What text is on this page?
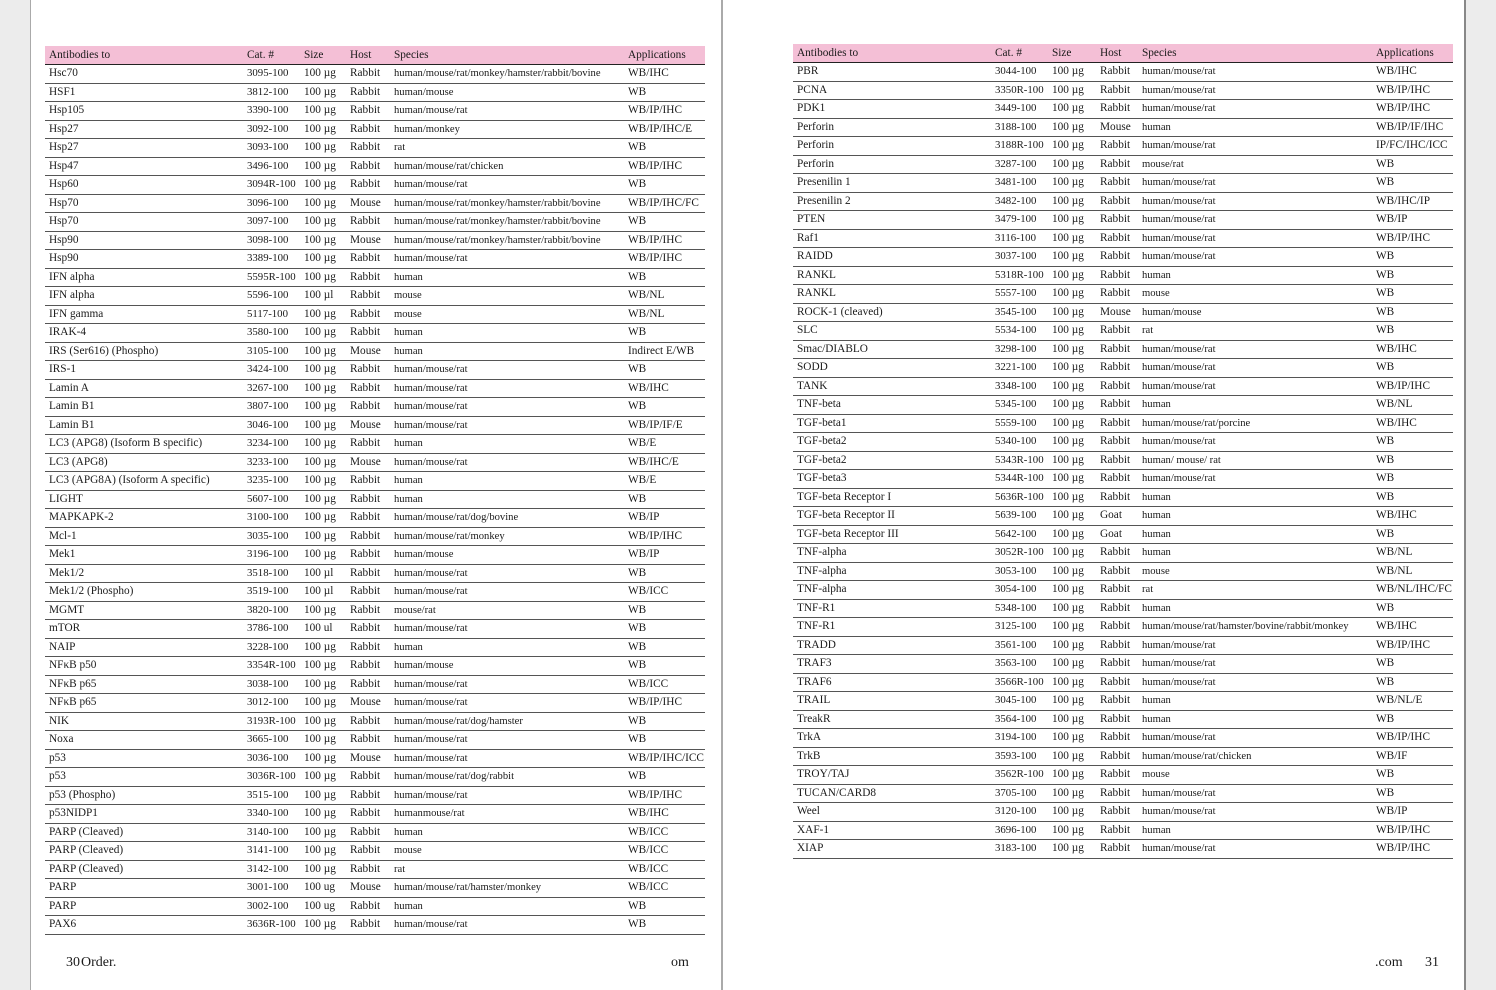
Antibodies to	Cat. #	Size	Host	Species	Applications
Hsc70	3095-100	100 µg	Rabbit	human/mouse/rat/monkey/hamster/rabbit/bovine	WB/IHC
HSF1	3812-100	100 µg	Rabbit	human/mouse	WB
Hsp105	3390-100	100 µg	Rabbit	human/mouse/rat	WB/IP/IHC
Hsp27	3092-100	100 µg	Rabbit	human/monkey	WB/IP/IHC/E
Hsp27	3093-100	100 µg	Rabbit	rat	WB
Hsp47	3496-100	100 µg	Rabbit	human/mouse/rat/chicken	WB/IP/IHC
Hsp60	3094R-100	100 µg	Rabbit	human/mouse/rat	WB
Hsp70	3096-100	100 µg	Mouse	human/mouse/rat/monkey/hamster/rabbit/bovine	WB/IP/IHC/FC
Hsp70	3097-100	100 µg	Rabbit	human/mouse/rat/monkey/hamster/rabbit/bovine	WB
Hsp90	3098-100	100 µg	Mouse	human/mouse/rat/monkey/hamster/rabbit/bovine	WB/IP/IHC
Hsp90	3389-100	100 µg	Rabbit	human/mouse/rat	WB/IP/IHC
IFN alpha	5595R-100	100 µg	Rabbit	human	WB
IFN alpha	5596-100	100 µl	Rabbit	mouse	WB/NL
IFN gamma	5117-100	100 µg	Rabbit	mouse	WB/NL
IRAK-4	3580-100	100 µg	Rabbit	human	WB
IRS (Ser616) (Phospho)	3105-100	100 µg	Mouse	human	Indirect E/WB
IRS-1	3424-100	100 µg	Rabbit	human/mouse/rat	WB
Lamin A	3267-100	100 µg	Rabbit	human/mouse/rat	WB/IHC
Lamin B1	3807-100	100 µg	Rabbit	human/mouse/rat	WB
Lamin B1	3046-100	100 µg	Mouse	human/mouse/rat	WB/IP/IF/E
LC3 (APG8) (Isoform B specific)	3234-100	100 µg	Rabbit	human	WB/E
LC3 (APG8)	3233-100	100 µg	Mouse	human/mouse/rat	WB/IHC/E
LC3 (APG8A) (Isoform A specific)	3235-100	100 µg	Rabbit	human	WB/E
LIGHT	5607-100	100 µg	Rabbit	human	WB
MAPKAPK-2	3100-100	100 µg	Rabbit	human/mouse/rat/dog/bovine	WB/IP
Mcl-1	3035-100	100 µg	Rabbit	human/mouse/rat/monkey	WB/IP/IHC
Mek1	3196-100	100 µg	Rabbit	human/mouse	WB/IP
Mek1/2	3518-100	100 µl	Rabbit	human/mouse/rat	WB
Mek1/2 (Phospho)	3519-100	100 µl	Rabbit	human/mouse/rat	WB/ICC
MGMT	3820-100	100 µg	Rabbit	mouse/rat	WB
mTOR	3786-100	100 ul	Rabbit	human/mouse/rat	WB
NAIP	3228-100	100 µg	Rabbit	human	WB
NFκB p50	3354R-100	100 µg	Rabbit	human/mouse	WB
NFκB p65	3038-100	100 µg	Rabbit	human/mouse/rat	WB/ICC
NFκB p65	3012-100	100 µg	Mouse	human/mouse/rat	WB/IP/IHC
NIK	3193R-100	100 µg	Rabbit	human/mouse/rat/dog/hamster	WB
Noxa	3665-100	100 µg	Rabbit	human/mouse/rat	WB
p53	3036-100	100 µg	Mouse	human/mouse/rat	WB/IP/IHC/ICC
p53	3036R-100	100 µg	Rabbit	human/mouse/rat/dog/rabbit	WB
p53 (Phospho)	3515-100	100 µg	Rabbit	human/mouse/rat	WB/IP/IHC
p53NIDP1	3340-100	100 µg	Rabbit	humanmouse/rat	WB/IHC
PARP (Cleaved)	3140-100	100 µg	Rabbit	human	WB/ICC
PARP (Cleaved)	3141-100	100 µg	Rabbit	mouse	WB/ICC
PARP (Cleaved)	3142-100	100 µg	Rabbit	rat	WB/ICC
PARP	3001-100	100 ug	Mouse	human/mouse/rat/hamster/monkey	WB/ICC
PARP	3002-100	100 ug	Rabbit	human	WB
PAX6	3636R-100	100 µg	Rabbit	human/mouse/rat	WB
30 Order.	om
Antibodies to	Cat. #	Size	Host	Species	Applications
PBR	3044-100	100 µg	Rabbit	human/mouse/rat	WB/IHC
PCNA	3350R-100	100 µg	Rabbit	human/mouse/rat	WB/IP/IHC
PDK1	3449-100	100 µg	Rabbit	human/mouse/rat	WB/IP/IHC
Perforin	3188-100	100 µg	Mouse	human	WB/IP/IF/IHC
Perforin	3188R-100	100 µg	Rabbit	human/mouse/rat	IP/FC/IHC/ICC
Perforin	3287-100	100 µg	Rabbit	mouse/rat	WB
Presenilin 1	3481-100	100 µg	Rabbit	human/mouse/rat	WB
Presenilin 2	3482-100	100 µg	Rabbit	human/mouse/rat	WB/IHC/IP
PTEN	3479-100	100 µg	Rabbit	human/mouse/rat	WB/IP
Raf1	3116-100	100 µg	Rabbit	human/mouse/rat	WB/IP/IHC
RAIDD	3037-100	100 µg	Rabbit	human/mouse/rat	WB
RANKL	5318R-100	100 µg	Rabbit	human	WB
RANKL	5557-100	100 µg	Rabbit	mouse	WB
ROCK-1 (cleaved)	3545-100	100 µg	Mouse	human/mouse	WB
SLC	5534-100	100 µg	Rabbit	rat	WB
Smac/DIABLO	3298-100	100 µg	Rabbit	human/mouse/rat	WB/IHC
SODD	3221-100	100 µg	Rabbit	human/mouse/rat	WB
TANK	3348-100	100 µg	Rabbit	human/mouse/rat	WB/IP/IHC
TNF-beta	5345-100	100 µg	Rabbit	human	WB/NL
TGF-beta1	5559-100	100 µg	Rabbit	human/mouse/rat/porcine	WB/IHC
TGF-beta2	5340-100	100 µg	Rabbit	human/mouse/rat	WB
TGF-beta2	5343R-100	100 µg	Rabbit	human/ mouse/ rat	WB
TGF-beta3	5344R-100	100 µg	Rabbit	human/mouse/rat	WB
TGF-beta Receptor I	5636R-100	100 µg	Rabbit	human	WB
TGF-beta Receptor II	5639-100	100 µg	Goat	human	WB/IHC
TGF-beta Receptor III	5642-100	100 µg	Goat	human	WB
TNF-alpha	3052R-100	100 µg	Rabbit	human	WB/NL
TNF-alpha	3053-100	100 µg	Rabbit	mouse	WB/NL
TNF-alpha	3054-100	100 µg	Rabbit	rat	WB/NL/IHC/FC
TNF-R1	5348-100	100 µg	Rabbit	human	WB
TNF-R1	3125-100	100 µg	Rabbit	human/mouse/rat/hamster/bovine/rabbit/monkey	WB/IHC
TRADD	3561-100	100 µg	Rabbit	human/mouse/rat	WB/IP/IHC
TRAF3	3563-100	100 µg	Rabbit	human/mouse/rat	WB
TRAF6	3566R-100	100 µg	Rabbit	human/mouse/rat	WB
TRAIL	3045-100	100 µg	Rabbit	human	WB/NL/E
TreakR	3564-100	100 µg	Rabbit	human	WB
TrkA	3194-100	100 µg	Rabbit	human/mouse/rat	WB/IP/IHC
TrkB	3593-100	100 µg	Rabbit	human/mouse/rat/chicken	WB/IF
TROY/TAJ	3562R-100	100 µg	Rabbit	mouse	WB
TUCAN/CARD8	3705-100	100 µg	Rabbit	human/mouse/rat	WB
Weel	3120-100	100 µg	Rabbit	human/mouse/rat	WB/IP
XAF-1	3696-100	100 µg	Rabbit	human	WB/IP/IHC
XIAP	3183-100	100 µg	Rabbit	human/mouse/rat	WB/IP/IHC
.com 31
